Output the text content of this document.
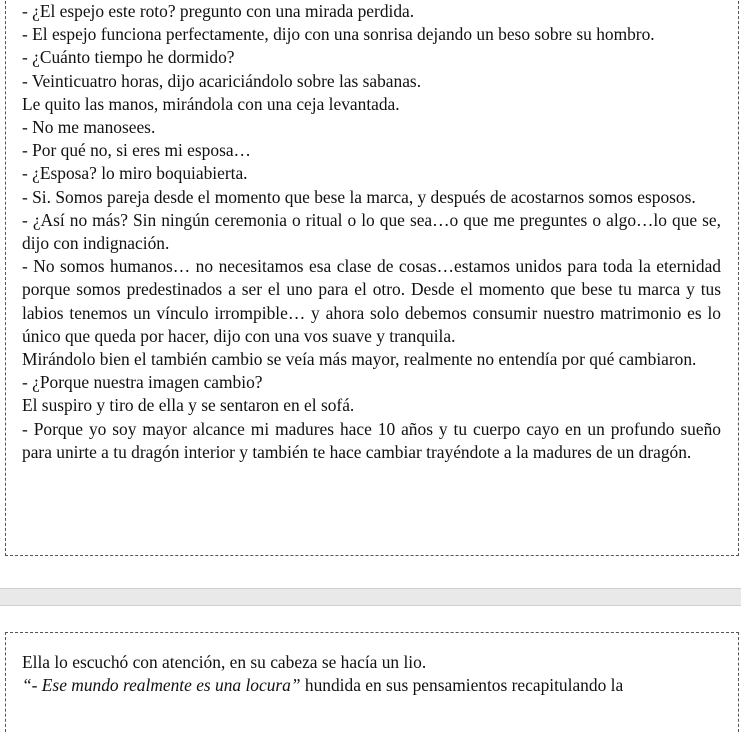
- ¿El espejo este roto? pregunto con una mirada perdida.

- El espejo funciona perfectamente, dijo con una sonrisa dejando un beso sobre su hombro.

- ¿Cuánto tiempo he dormido?

- Veinticuatro horas, dijo acariciándolo sobre las sabanas.

Le quito las manos, mirándola con una ceja levantada.

- No me manosees.

- Por qué no, si eres mi esposa…

- ¿Esposa? lo miro boquiabierta.

- Si. Somos pareja desde el momento que bese la marca, y después de acostarnos somos esposos.

- ¿Así no más? Sin ningún ceremonia o ritual o lo que sea…o que me preguntes o algo…lo que se, dijo con indignación.

- No somos humanos… no necesitamos esa clase de cosas…estamos unidos para toda la eternidad porque somos predestinados a ser el uno para el otro. Desde el momento que bese tu marca y tus labios tenemos un vínculo irrompible… y ahora solo debemos consumir nuestro matrimonio es lo único que queda por hacer, dijo con una vos suave y tranquila.

Mirándolo bien el también cambio se veía más mayor, realmente no entendía por qué cambiaron.

- ¿Porque nuestra imagen cambio?

El suspiro y tiro de ella y se sentaron en el sofá.

- Porque yo soy mayor alcance mi madures hace 10 años y tu cuerpo cayo en un profundo sueño para unirte a tu dragón interior y también te hace cambiar trayéndote a la madures de un dragón.

Ella lo escuchó con atención, en su cabeza se hacía un lio.

“- Ese mundo realmente es una locura” hundida en sus pensamientos recapitulando la
